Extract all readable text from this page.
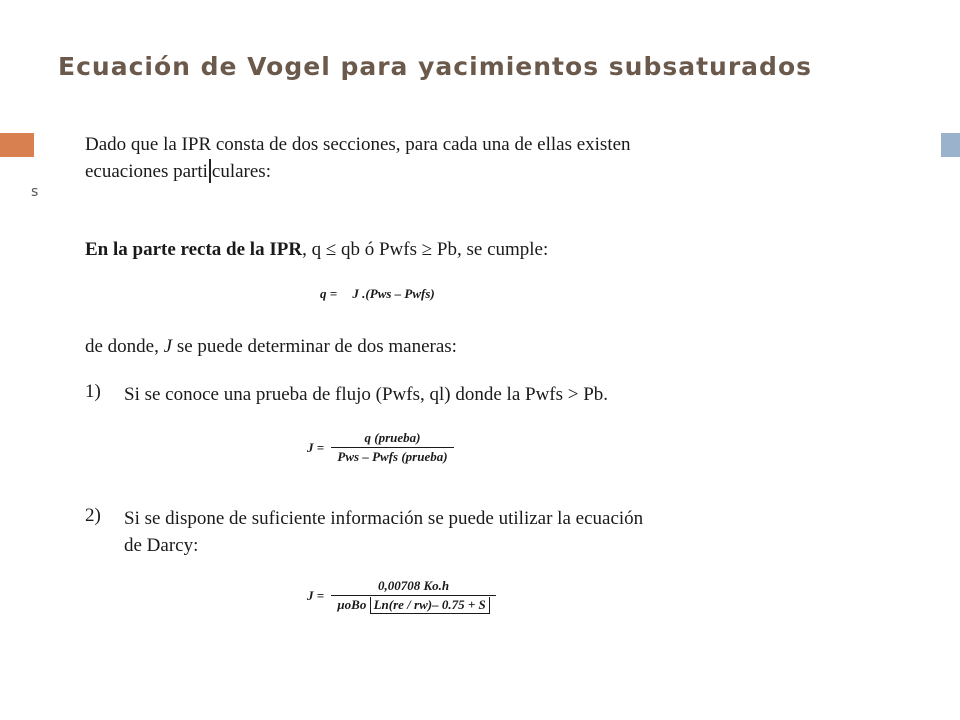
Ecuación de Vogel para yacimientos subsaturados
s

Dado que la IPR consta de dos secciones, para cada una de ellas existen
ecuaciones parti culares:

En la parte recta de la IPR, q ≤ qb ó Pwfs ≥ Pb, se cumple:

q = J .(Pws – Pwfs)

de donde, J se puede determinar de dos maneras:

1) Si se conoce una prueba de flujo (Pwfs, ql) donde la Pwfs > Pb.

$J = \frac{\text{q (prueba)}}{\text{Pws – Pwfs (prueba)}}$
2) Si se dispone de suficiente información se puede utilizar la ecuación
de Darcy:

$J = \frac{0,00708 Ko.h}{\text{μoBo Ln(re / rw)– 0.75 + S}}$
